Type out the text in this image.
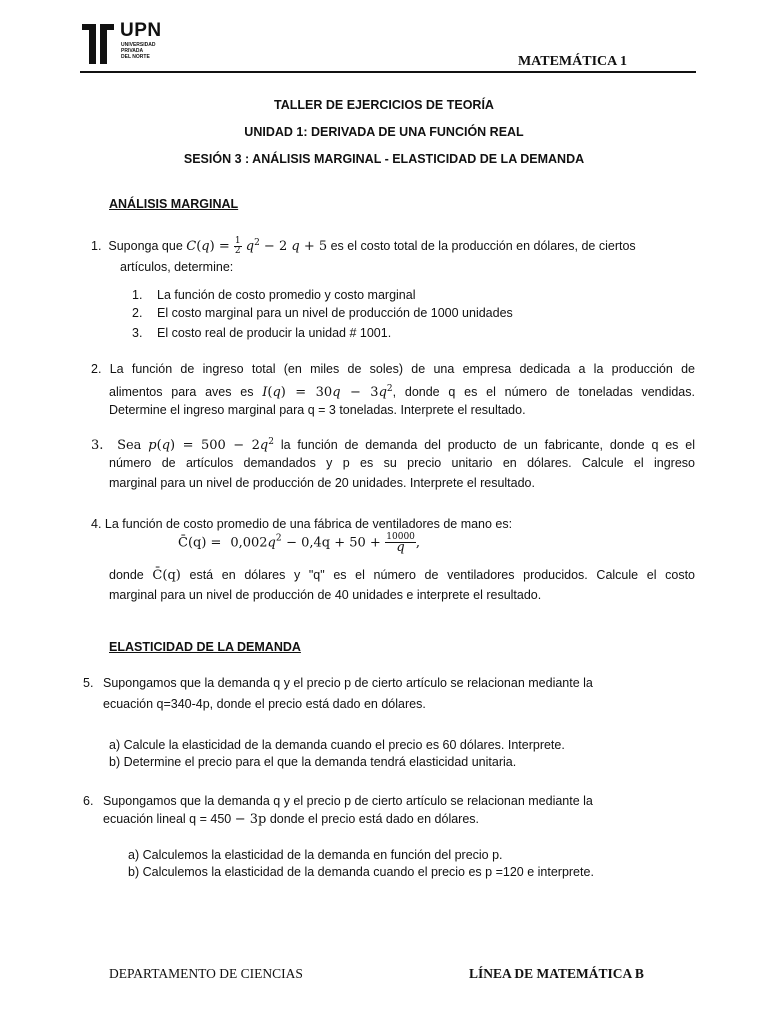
UPN
UNIVERSIDAD
PRIVADA
DEL NORTE	MATEMÁTICA 1
TALLER DE EJERCICIOS DE TEORÍA
UNIDAD 1: DERIVADA DE UNA FUNCIÓN REAL
SESIÓN 3 : ANÁLISIS MARGINAL - ELASTICIDAD DE LA DEMANDA
ANÁLISIS MARGINAL
1. Suponga que $C(q) = \frac{1}{2} q^2 - 2$ q + 5 es el costo total de la producción en dólares, de ciertos
artículos, determine:
1. La función de costo promedio y costo marginal
2. El costo marginal para un nivel de producción de 1000 unidades
3. El costo real de producir la unidad # 1001.
2. La función de ingreso total (en miles de soles) de una empresa dedicada a la producción de
alimentos para aves es $I(q) = 30q - 3q^2$, donde q es el número de toneladas vendidas.
Determine el ingreso marginal para q = 3 toneladas. Interprete el resultado.
3. Sea $p(q) = 500 - 2q^2$ la función de demanda del producto de un fabricante, donde q es el
número de artículos demandados y p es su precio unitario en dólares. Calcule el ingreso
marginal para un nivel de producción de 20 unidades. Interprete el resultado.
4. La función de costo promedio de una fábrica de ventiladores de mano es:
C̄(q) = $0,002q^2 - 0,4q + 50 + \frac{10000}{q}$ ,
donde C̄(q) está en dólares y "q" es el número de ventiladores producidos. Calcule el costo
marginal para un nivel de producción de 40 unidades e interprete el resultado.
ELASTICIDAD DE LA DEMANDA
5. Supongamos que la demanda q y el precio p de cierto artículo se relacionan mediante la
ecuación q=340-4p, donde el precio está dado en dólares.
a) Calcule la elasticidad de la demanda cuando el precio es 60 dólares. Interprete.
b) Determine el precio para el que la demanda tendrá elasticidad unitaria.
6. Supongamos que la demanda q y el precio p de cierto artículo se relacionan mediante la
ecuación lineal q = 450 − 3p donde el precio está dado en dólares.
a) Calculemos la elasticidad de la demanda en función del precio p.
b) Calculemos la elasticidad de la demanda cuando el precio es p =120 e interprete.
DEPARTAMENTO DE CIENCIAS	LÍNEA DE MATEMÁTICA B
